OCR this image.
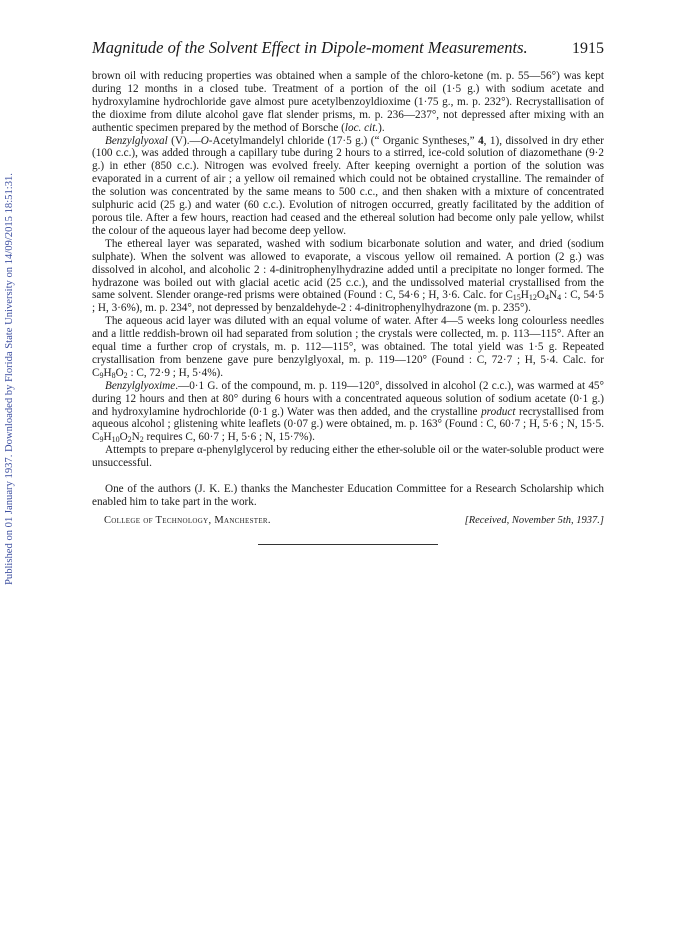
Published on 01 January 1937. Downloaded by Florida State University on 14/09/2015 18:51:31.
Magnitude of the Solvent Effect in Dipole-moment Measurements.	1915

brown oil with reducing properties was obtained when a sample of the chloro-ketone (m. p. 55—56°) was kept during 12 months in a closed tube. Treatment of a portion of the oil (1·5 g.) with sodium acetate and hydroxylamine hydrochloride gave almost pure acetylbenzoyldioxime (1·75 g., m. p. 232°). Recrystallisation of the dioxime from dilute alcohol gave flat slender prisms, m. p. 236—237°, not depressed after mixing with an authentic specimen prepared by the method of Borsche (loc. cit.).

Benzylglyoxal (V).—O-Acetylmandelyl chloride (17·5 g.) (“ Organic Syntheses,” 4, 1), dissolved in dry ether (100 c.c.), was added through a capillary tube during 2 hours to a stirred, ice-cold solution of diazomethane (9·2 g.) in ether (850 c.c.). Nitrogen was evolved freely. After keeping overnight a portion of the solution was evaporated in a current of air ; a yellow oil remained which could not be obtained crystalline. The remainder of the solution was concentrated by the same means to 500 c.c., and then shaken with a mixture of concentrated sulphuric acid (25 g.) and water (60 c.c.). Evolution of nitrogen occurred, greatly facilitated by the addition of porous tile. After a few hours, reaction had ceased and the ethereal solution had become only pale yellow, whilst the colour of the aqueous layer had become deep yellow.

The ethereal layer was separated, washed with sodium bicarbonate solution and water, and dried (sodium sulphate). When the solvent was allowed to evaporate, a viscous yellow oil remained. A portion (2 g.) was dissolved in alcohol, and alcoholic 2 : 4-dinitrophenylhydrazine added until a precipitate no longer formed. The hydrazone was boiled out with glacial acetic acid (25 c.c.), and the undissolved material crystallised from the same solvent. Slender orange-red prisms were obtained (Found : C, 54·6 ; H, 3·6. Calc. for $C_{15}H_{12}O_4N_4$ : C, 54·5 ; H, 3·6%), m. p. 234°, not depressed by benzaldehyde-2 : 4-dinitrophenylhydrazone (m. p. 235°).

The aqueous acid layer was diluted with an equal volume of water. After 4—5 weeks long colourless needles and a little reddish-brown oil had separated from solution ; the crystals were collected, m. p. 113—115°. After an equal time a further crop of crystals, m. p. 112—115°, was obtained. The total yield was 1·5 g. Repeated crystallisation from benzene gave pure benzylglyoxal, m. p. 119—120° (Found : C, 72·7 ; H, 5·4. Calc. for $C_9H_8O_2$ : C, 72·9 ; H, 5·4%).

Benzylglyoxime.—0·1 G. of the compound, m. p. 119—120°, dissolved in alcohol (2 c.c.), was warmed at 45° during 12 hours and then at 80° during 6 hours with a concentrated aqueous solution of sodium acetate (0·1 g.) and hydroxylamine hydrochloride (0·1 g.) Water was then added, and the crystalline product recrystallised from aqueous alcohol ; glistening white leaflets (0·07 g.) were obtained, m. p. 163° (Found : C, 60·7 ; H, 5·6 ; N, 15·5. $C_9H_{10}O_2N_2$ requires C, 60·7 ; H, 5·6 ; N, 15·7%).

Attempts to prepare α-phenylglycerol by reducing either the ether-soluble oil or the water-soluble product were unsuccessful.

One of the authors (J. K. E.) thanks the Manchester Education Committee for a Research Scholarship which enabled him to take part in the work.

College of Technology, Manchester.	[Received, November 5th, 1937.]
